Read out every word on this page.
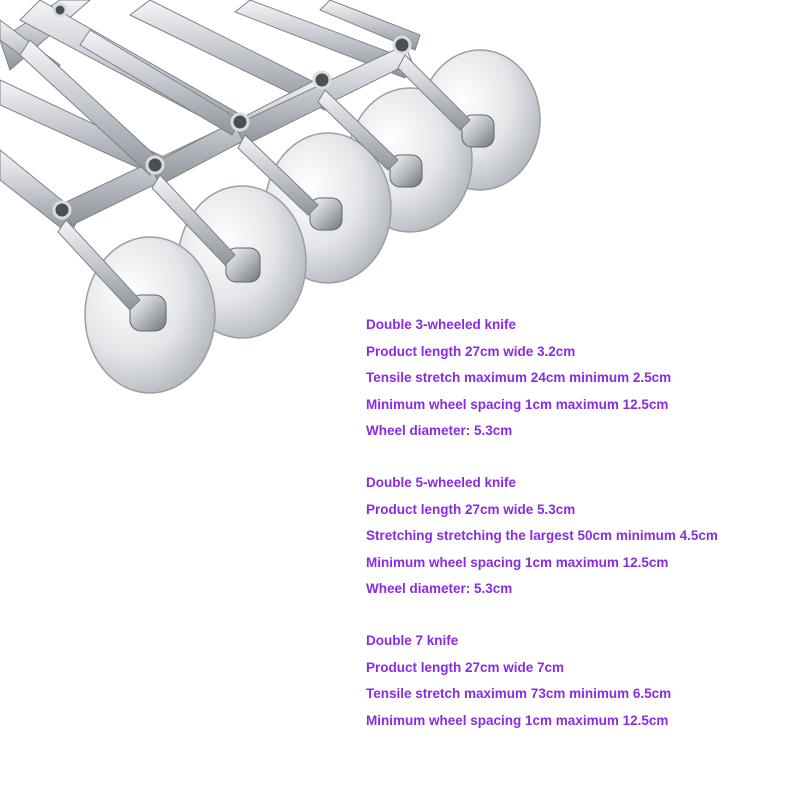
Double 3-wheeled knife
Product length 27cm wide 3.2cm
Tensile stretch maximum 24cm minimum 2.5cm
Minimum wheel spacing 1cm maximum 12.5cm
Wheel diameter: 5.3cm
Double 5-wheeled knife
Product length 27cm wide 5.3cm
Stretching stretching the largest 50cm minimum 4.5cm
Minimum wheel spacing 1cm maximum 12.5cm
Wheel diameter: 5.3cm
Double 7 knife
Product length 27cm wide 7cm
Tensile stretch maximum 73cm minimum 6.5cm
Minimum wheel spacing 1cm maximum 12.5cm
